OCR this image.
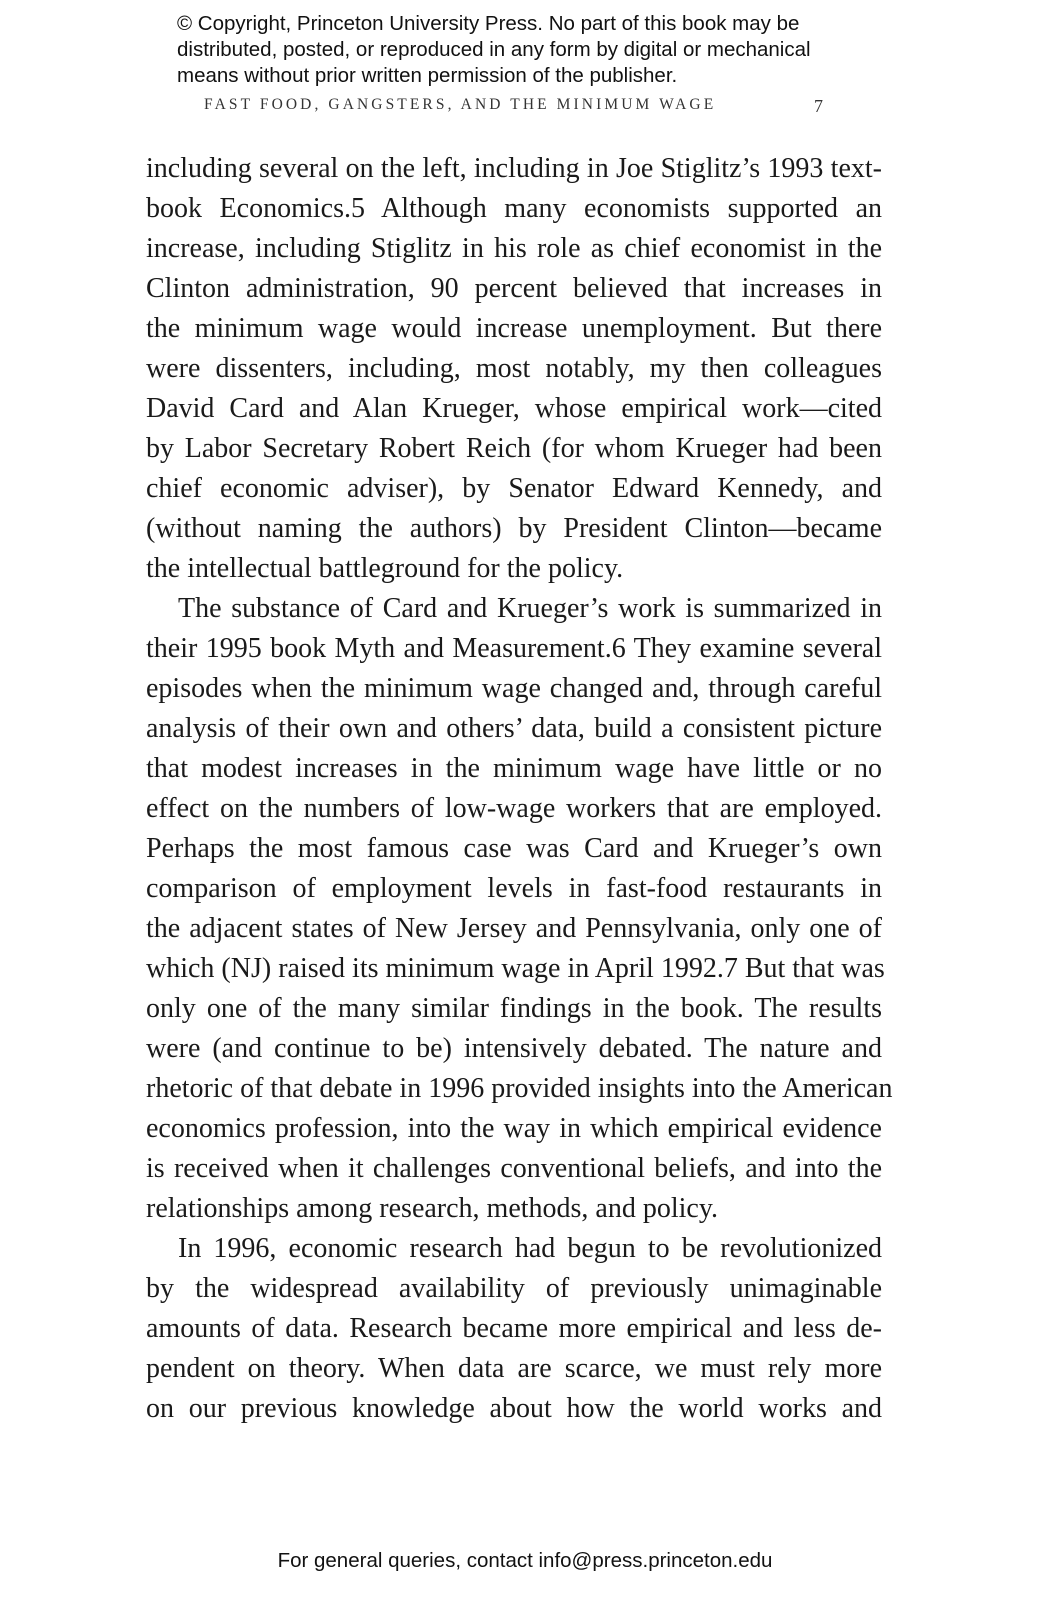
© Copyright, Princeton University Press. No part of this book may be
distributed, posted, or reproduced in any form by digital or mechanical
means without prior written permission of the publisher.
FAST FOOD, GANGSTERS, AND THE MINIMUM WAGE	7
including several on the left, including in Joe Stiglitz’s 1993 text-
book Economics.5 Although many economists supported an
increase, including Stiglitz in his role as chief economist in the
Clinton administration, 90 percent believed that increases in
the minimum wage would increase unemployment. But there
were dissenters, including, most notably, my then colleagues
David Card and Alan Krueger, whose empirical work—cited
by Labor Secretary Robert Reich (for whom Krueger had been
chief economic adviser), by Senator Edward Kennedy, and
(without naming the authors) by President Clinton—became
the intellectual battleground for the policy.
The substance of Card and Krueger’s work is summarized in
their 1995 book Myth and Measurement.6 They examine several
episodes when the minimum wage changed and, through careful
analysis of their own and others’ data, build a consistent picture
that modest increases in the minimum wage have little or no
effect on the numbers of low-wage workers that are employed.
Perhaps the most famous case was Card and Krueger’s own
comparison of employment levels in fast-food restaurants in
the adjacent states of New Jersey and Pennsylvania, only one of
which (NJ) raised its minimum wage in April 1992.7 But that was
only one of the many similar findings in the book. The results
were (and continue to be) intensively debated. The nature and
rhetoric of that debate in 1996 provided insights into the American
economics profession, into the way in which empirical evidence
is received when it challenges conventional beliefs, and into the
relationships among research, methods, and policy.
In 1996, economic research had begun to be revolutionized
by the widespread availability of previously unimaginable
amounts of data. Research became more empirical and less de-
pendent on theory. When data are scarce, we must rely more
on our previous knowledge about how the world works and
For general queries, contact info@press.princeton.edu
